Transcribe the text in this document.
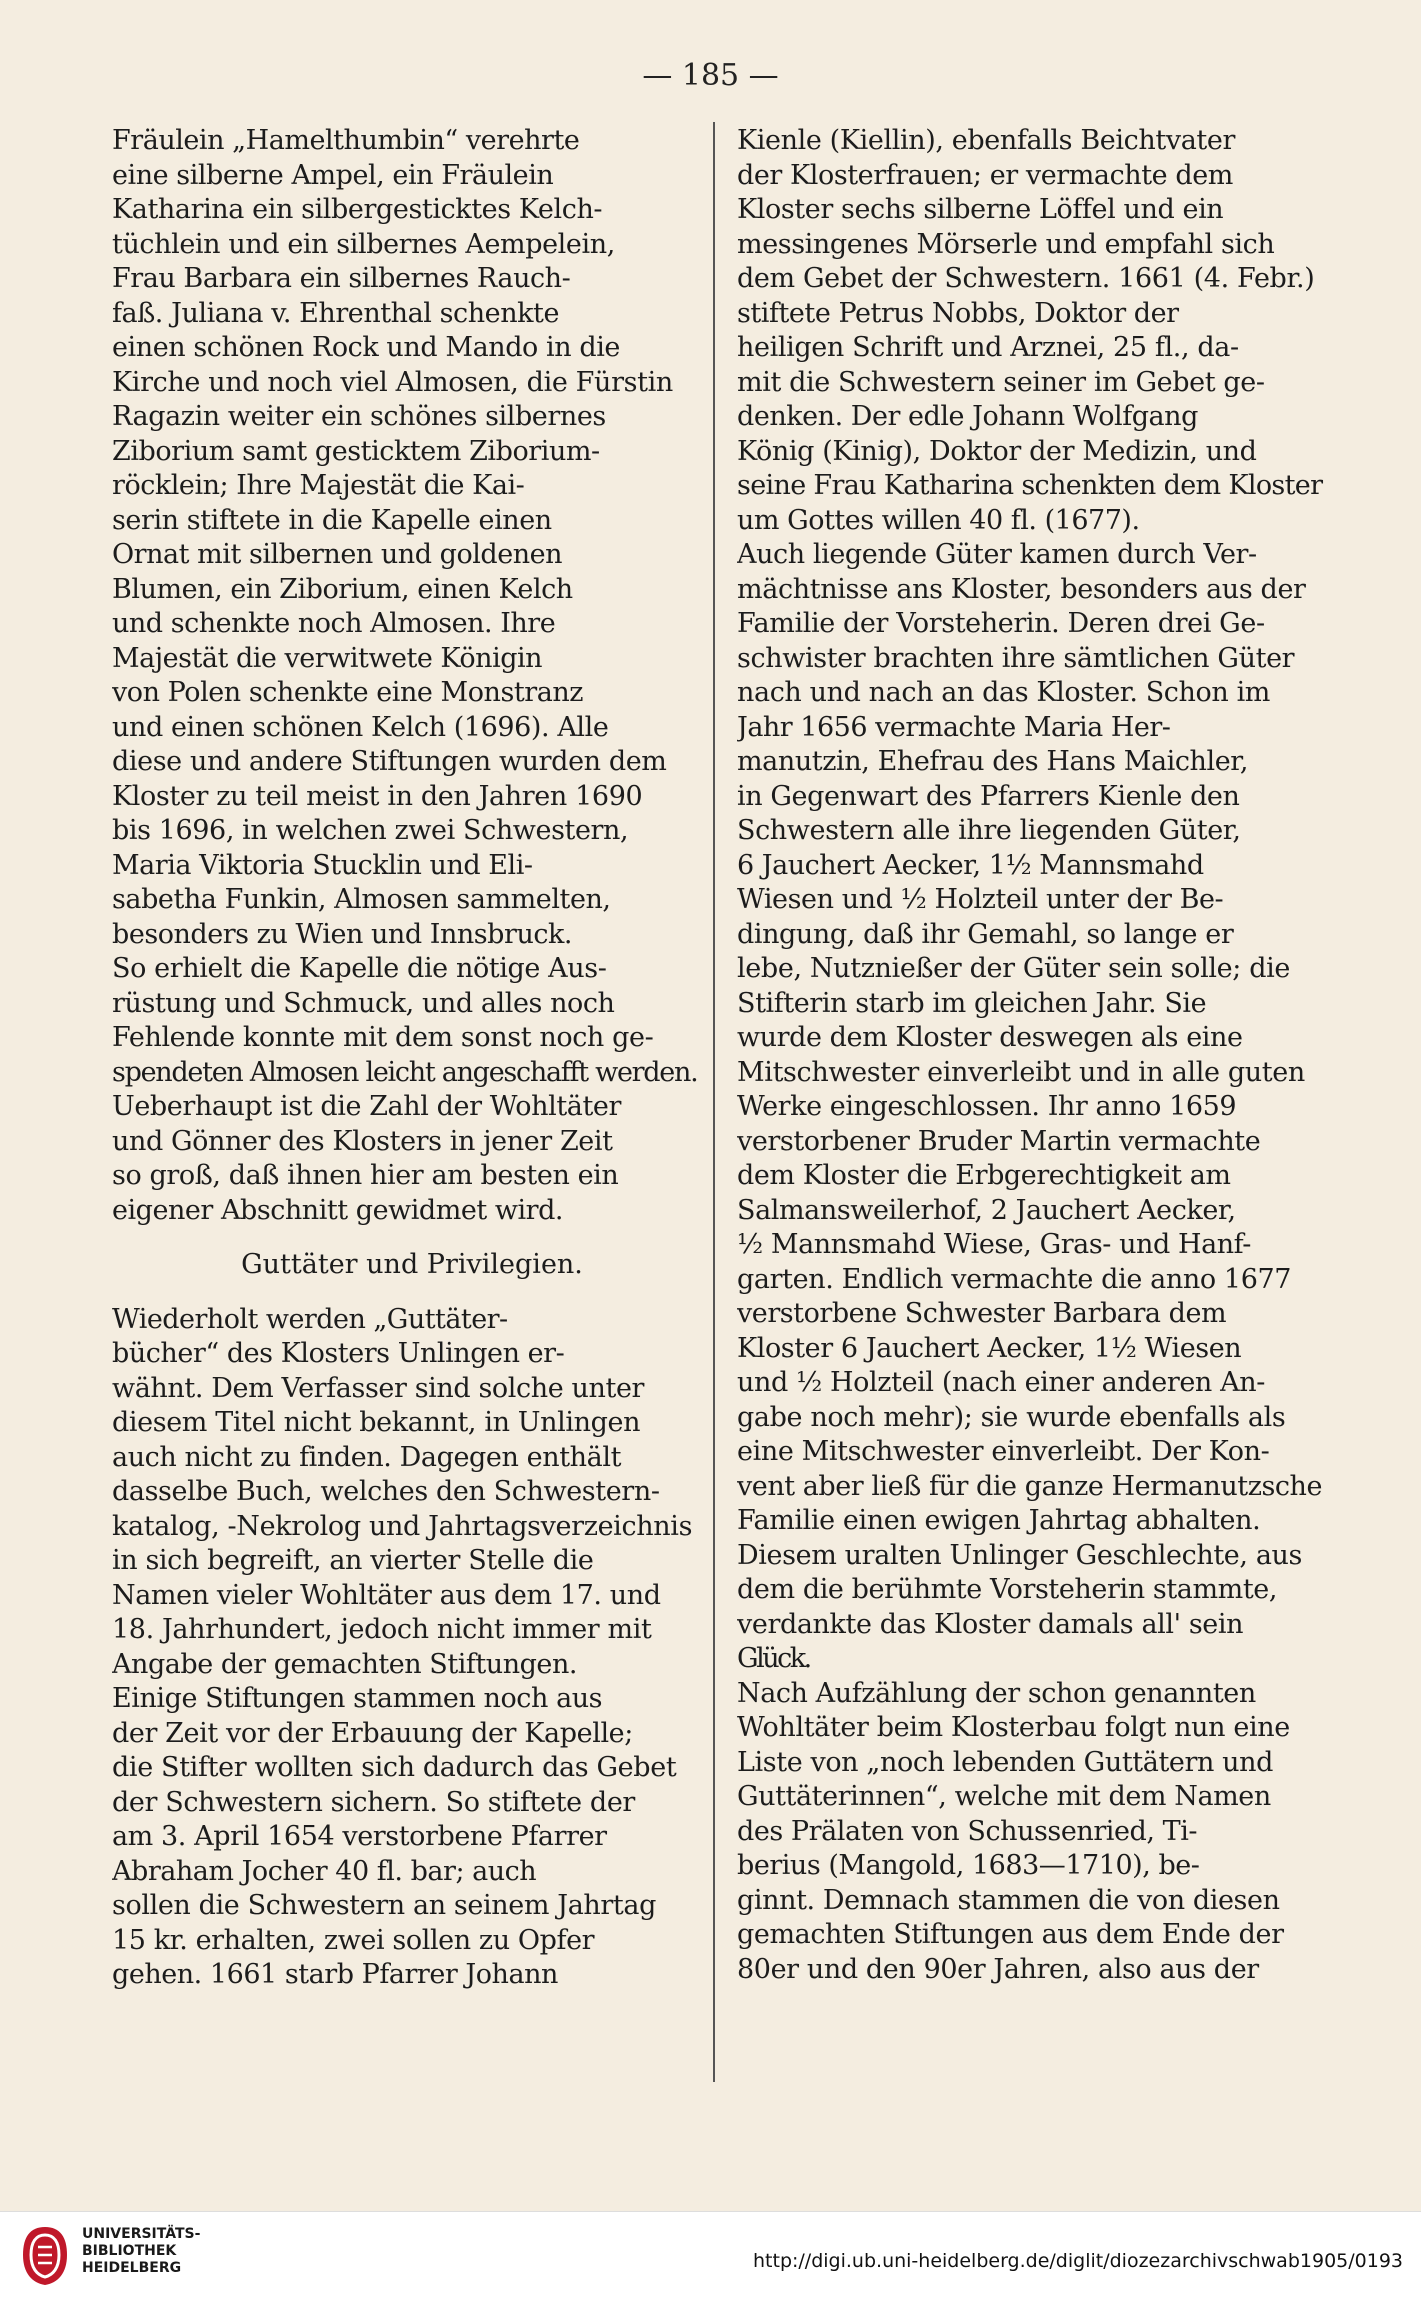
— 185 —
Fräulein „Hamelthumbin“ verehrte
eine silberne Ampel, ein Fräulein
Katharina ein silbergesticktes Kelch-
tüchlein und ein silbernes Aempelein,
Frau Barbara ein silbernes Rauch-
faß. Juliana v. Ehrenthal schenkte
einen schönen Rock und Mando in die
Kirche und noch viel Almosen, die Fürstin
Ragazin weiter ein schönes silbernes
Ziborium samt gesticktem Ziborium-
röcklein; Ihre Majestät die Kai-
serin stiftete in die Kapelle einen
Ornat mit silbernen und goldenen
Blumen, ein Ziborium, einen Kelch
und schenkte noch Almosen. Ihre
Majestät die verwitwete Königin
von Polen schenkte eine Monstranz
und einen schönen Kelch (1696). Alle
diese und andere Stiftungen wurden dem
Kloster zu teil meist in den Jahren 1690
bis 1696, in welchen zwei Schwestern,
Maria Viktoria Stucklin und Eli-
sabetha Funkin, Almosen sammelten,
besonders zu Wien und Innsbruck.
So erhielt die Kapelle die nötige Aus-
rüstung und Schmuck, und alles noch
Fehlende konnte mit dem sonst noch ge-
spendeten Almosen leicht angeschafft werden.
Ueberhaupt ist die Zahl der Wohltäter
und Gönner des Klosters in jener Zeit
so groß, daß ihnen hier am besten ein
eigener Abschnitt gewidmet wird.
Guttäter und Privilegien.
Wiederholt werden „Guttäter-
bücher“ des Klosters Unlingen er-
wähnt. Dem Verfasser sind solche unter
diesem Titel nicht bekannt, in Unlingen
auch nicht zu finden. Dagegen enthält
dasselbe Buch, welches den Schwestern-
katalog, -Nekrolog und Jahrtagsverzeichnis
in sich begreift, an vierter Stelle die
Namen vieler Wohltäter aus dem 17. und
18. Jahrhundert, jedoch nicht immer mit
Angabe der gemachten Stiftungen.
Einige Stiftungen stammen noch aus
der Zeit vor der Erbauung der Kapelle;
die Stifter wollten sich dadurch das Gebet
der Schwestern sichern. So stiftete der
am 3. April 1654 verstorbene Pfarrer
Abraham Jocher 40 fl. bar; auch
sollen die Schwestern an seinem Jahrtag
15 kr. erhalten, zwei sollen zu Opfer
gehen. 1661 starb Pfarrer Johann
Kienle (Kiellin), ebenfalls Beichtvater
der Klosterfrauen; er vermachte dem
Kloster sechs silberne Löffel und ein
messingenes Mörserle und empfahl sich
dem Gebet der Schwestern. 1661 (4. Febr.)
stiftete Petrus Nobbs, Doktor der
heiligen Schrift und Arznei, 25 fl., da-
mit die Schwestern seiner im Gebet ge-
denken. Der edle Johann Wolfgang
König (Kinig), Doktor der Medizin, und
seine Frau Katharina schenkten dem Kloster
um Gottes willen 40 fl. (1677).
Auch liegende Güter kamen durch Ver-
mächtnisse ans Kloster, besonders aus der
Familie der Vorsteherin. Deren drei Ge-
schwister brachten ihre sämtlichen Güter
nach und nach an das Kloster. Schon im
Jahr 1656 vermachte Maria Her-
manutzin, Ehefrau des Hans Maichler,
in Gegenwart des Pfarrers Kienle den
Schwestern alle ihre liegenden Güter,
6 Jauchert Aecker, 1½ Mannsmahd
Wiesen und ½ Holzteil unter der Be-
dingung, daß ihr Gemahl, so lange er
lebe, Nutznießer der Güter sein solle; die
Stifterin starb im gleichen Jahr. Sie
wurde dem Kloster deswegen als eine
Mitschwester einverleibt und in alle guten
Werke eingeschlossen. Ihr anno 1659
verstorbener Bruder Martin vermachte
dem Kloster die Erbgerechtigkeit am
Salmansweilerhof, 2 Jauchert Aecker,
½ Mannsmahd Wiese, Gras- und Hanf-
garten. Endlich vermachte die anno 1677
verstorbene Schwester Barbara dem
Kloster 6 Jauchert Aecker, 1½ Wiesen
und ½ Holzteil (nach einer anderen An-
gabe noch mehr); sie wurde ebenfalls als
eine Mitschwester einverleibt. Der Kon-
vent aber ließ für die ganze Hermanutzsche
Familie einen ewigen Jahrtag abhalten.
Diesem uralten Unlinger Geschlechte, aus
dem die berühmte Vorsteherin stammte,
verdankte das Kloster damals all' sein
Glück.
Nach Aufzählung der schon genannten
Wohltäter beim Klosterbau folgt nun eine
Liste von „noch lebenden Guttätern und
Guttäterinnen“, welche mit dem Namen
des Prälaten von Schussenried, Ti-
berius (Mangold, 1683—1710), be-
ginnt. Demnach stammen die von diesen
gemachten Stiftungen aus dem Ende der
80er und den 90er Jahren, also aus der
UNIVERSITÄTS-
BIBLIOTHEK
HEIDELBERG	http://digi.ub.uni-heidelberg.de/diglit/diozezarchivschwab1905/0193
